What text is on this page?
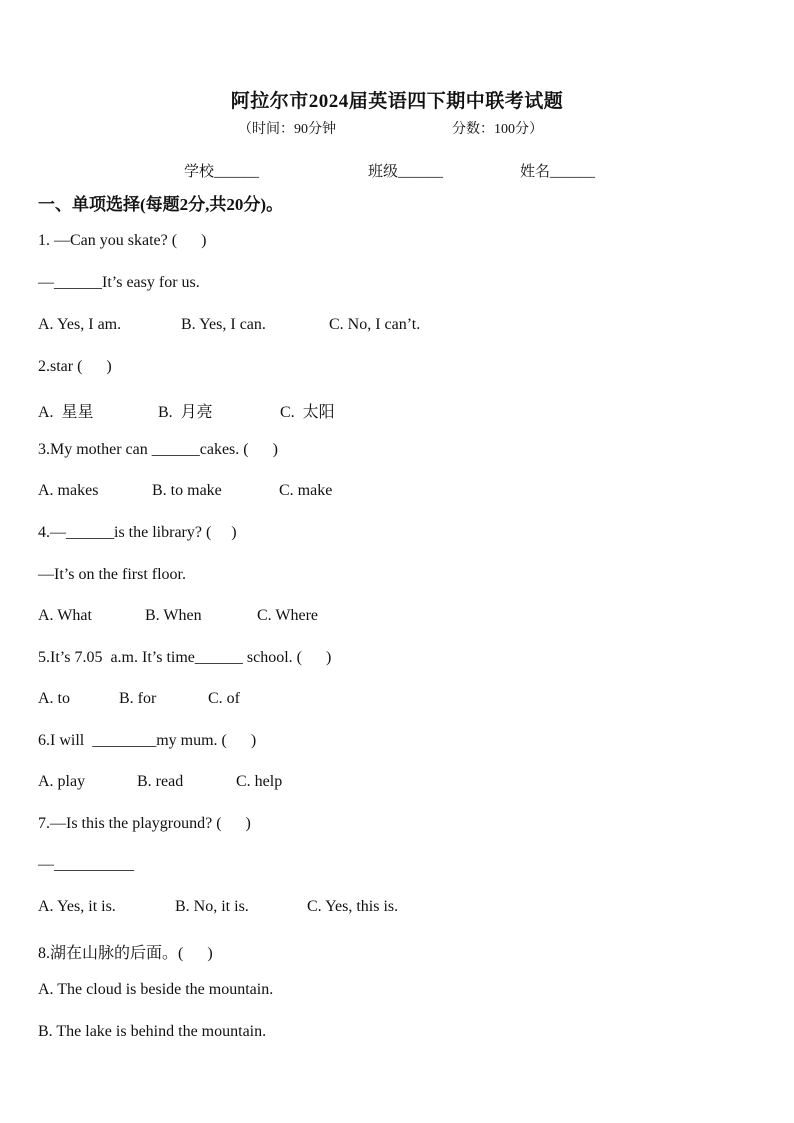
阿拉尔市2024届英语四下期中联考试题
（时间：90分钟	分数：100分）
学校______	班级______	姓名______
一、单项选择(每题2分,共20分)。
1. —Can you skate? (      )
—______It’s easy for us.
A. Yes, I am.	B. Yes, I can.	C. No, I can’t.
2.star (      )
A.  星星	B.  月亮	C.  太阳
3.My mother can ______cakes. (      )
A. makes	B. to make	C. make
4.—______is the library? (     )
—It’s on the first floor.
A. What	B. When	C. Where
5.It’s 7.05  a.m. It’s time______ school. (      )
A. to	B. for	C. of
6.I will  ________my mum. (      )
A. play	B. read	C. help
7.—Is this the playground? (      )
—__________
A. Yes, it is.	B. No, it is.	C. Yes, this is.
8.湖在山脉的后面。(      )
A. The cloud is beside the mountain.
B. The lake is behind the mountain.
